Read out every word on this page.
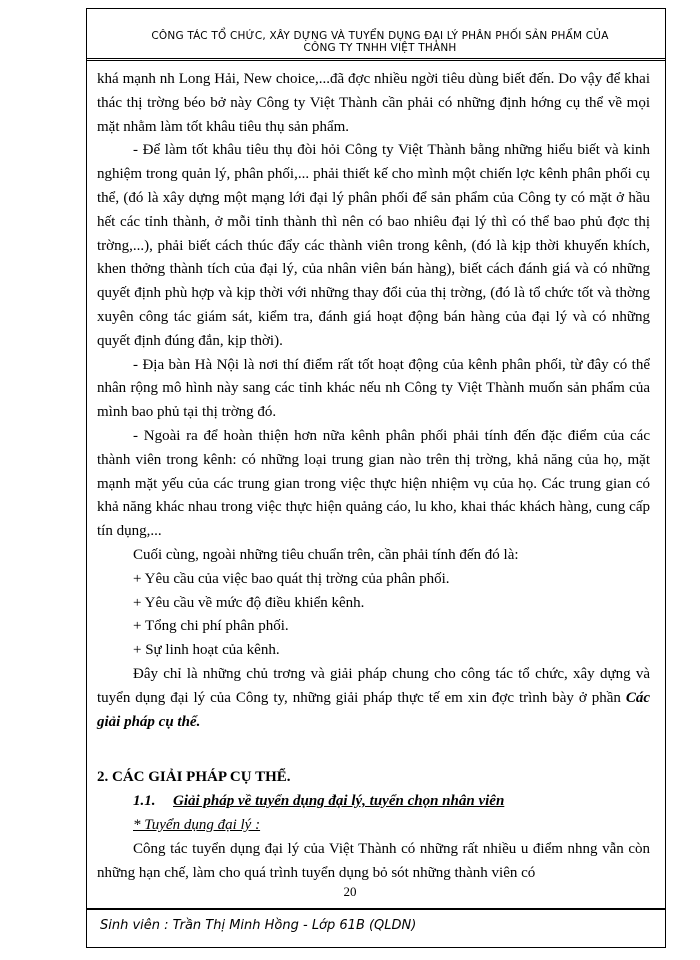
CÔNG TÁC TỔ CHỨC, XÂY DỰNG VÀ TUYỂN DỤNG ĐẠI LÝ PHÂN PHỐI SẢN PHẨM CỦA
CÔNG TY TNHH VIỆT THÀNH

khá mạnh nh Long Hải, New choice,...đã đợc nhiều ngời tiêu dùng biết đến. Do vậy để khai thác thị trờng béo bở này Công ty Việt Thành cần phải có những định hớng cụ thể về mọi mặt nhằm làm tốt khâu tiêu thụ sản phẩm.

- Để làm tốt khâu tiêu thụ đòi hỏi Công ty Việt Thành bằng những hiểu biết và kinh nghiệm trong quản lý, phân phối,... phải thiết kế cho mình một chiến lợc kênh phân phối cụ thể, (đó là xây dựng một mạng lới đại lý phân phối để sản phẩm của Công ty có mặt ở hầu hết các tỉnh thành, ở mỗi tỉnh thành thì nên có bao nhiêu đại lý thì có thể bao phủ đợc thị trờng,...), phải biết cách thúc đẩy các thành viên trong kênh, (đó là kịp thời khuyến khích, khen thởng thành tích của đại lý, của nhân viên bán hàng), biết cách đánh giá và có những quyết định phù hợp và kịp thời với những thay đổi của thị trờng, (đó là tổ chức tốt và thờng xuyên công tác giám sát, kiểm tra, đánh giá hoạt động bán hàng của đại lý và có những quyết định đúng đắn, kịp thời).

- Địa bàn Hà Nội là nơi thí điểm rất tốt hoạt động của kênh phân phối, từ đây có thể nhân rộng mô hình này sang các tỉnh khác nếu nh Công ty Việt Thành muốn sản phẩm của mình bao phủ tại thị trờng đó.

- Ngoài ra để hoàn thiện hơn nữa kênh phân phối phải tính đến đặc điểm của các thành viên trong kênh: có những loại trung gian nào trên thị trờng, khả năng của họ, mặt mạnh mặt yếu của các trung gian trong việc thực hiện nhiệm vụ của họ. Các trung gian có khả năng khác nhau trong việc thực hiện quảng cáo, lu kho, khai thác khách hàng, cung cấp tín dụng,...

Cuối cùng, ngoài những tiêu chuẩn trên, cần phải tính đến đó là:

+ Yêu cầu của việc bao quát thị trờng của phân phối.

+ Yêu cầu về mức độ điều khiển kênh.

+ Tổng chi phí phân phối.

+ Sự linh hoạt của kênh.

Đây chỉ là những chủ trơng và giải pháp chung cho công tác tổ chức, xây dựng và tuyển dụng đại lý của Công ty, những giải pháp thực tế em xin đợc trình bày ở phần Các giải pháp cụ thể.

2. CÁC GIẢI PHÁP CỤ THỂ.

1.1. Giải pháp về tuyển dụng đại lý, tuyển chọn nhân viên

* Tuyển dụng đại lý :

Công tác tuyển dụng đại lý của Việt Thành có những rất nhiều u điểm nhng vẫn còn những hạn chế, làm cho quá trình tuyển dụng bỏ sót những thành viên có

20
Sinh viên : Trần Thị Minh Hồng - Lớp 61B (QLDN)
